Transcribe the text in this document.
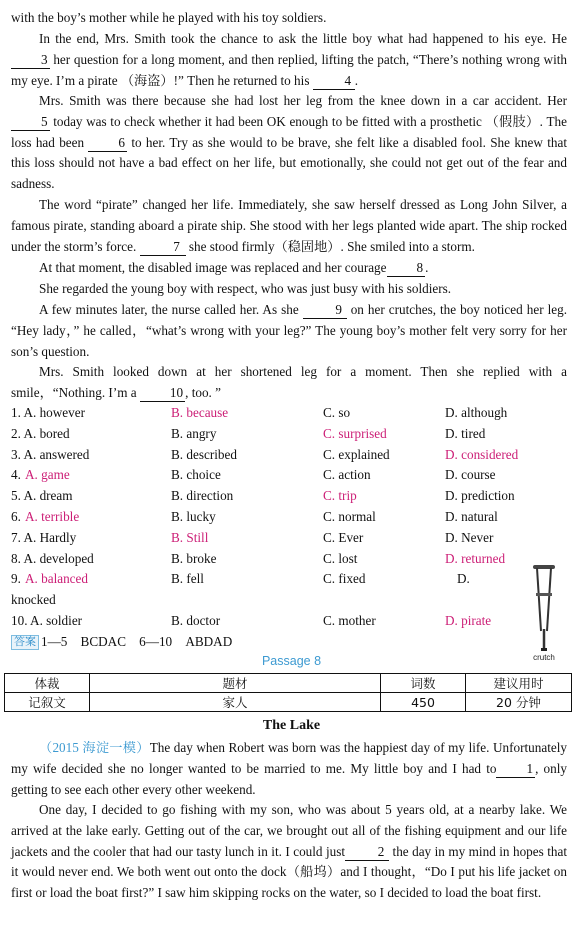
with the boy’s mother while he played with his toy soldiers.

In the end, Mrs. Smith took the chance to ask the little boy what had happened to his eye. He 3 her question for a long moment, and then replied, lifting the patch, “There’s nothing wrong with my eye. I’m a pirate （海盗）!” Then he returned to his 4 .

Mrs. Smith was there because she had lost her leg from the knee down in a car accident. Her 5 today was to check whether it had been OK enough to be fitted with a prosthetic （假肢）. The loss had been 6 to her. Try as she would to be brave, she felt like a disabled fool. She knew that this loss should not have a bad effect on her life, but emotionally, she could not get out of the fear and sadness.

The word “pirate” changed her life. Immediately, she saw herself dressed as Long John Silver, a famous pirate, standing aboard a pirate ship. She stood with her legs planted wide apart. The ship rocked under the storm’s force.	7 she stood firmly（稳固地）. She smiled into a storm.

At that moment, the disabled image was replaced and her courage 8 .

She regarded the young boy with respect, who was just busy with his soldiers.

A few minutes later, the nurse called her. As she 9 on her crutches, the boy noticed her leg. “Hey lady，” he called，“what’s wrong with your leg?” The young boy’s mother felt very sorry for her son’s question.

Mrs. Smith looked down at her shortened leg for a moment. Then she replied with a smile，“Nothing. I’m a 10 , too. ”

1. A. however	B. because	C. so	D. although
2. A. bored	B. angry	C. surprised	D. tired
3. A. answered	B. described	C. explained	D. considered
4. A. game	B. choice	C. action	D. course
5. A. dream	B. direction	C. trip	D. prediction
6. A. terrible	B. lucky	C. normal	D. natural
7. A. Hardly	B. Still	C. Ever	D. Never
8. A. developed	B. broke	C. lost	D. returned
9. A. balanced	B. fell	C. fixed	D.
knocked
10. A. soldier	B. doctor	C. mother	D. pirate
答案 1—5　BCDAC　6—10　ABDAD
crutch
Passage 8
体裁	题材	词数	建议用时
记叙文	家人	450	20 分钟
The Lake

（2015 海淀一模）The day when Robert was born was the happiest day of my life. Unfortunately my wife decided she no longer wanted to be married to me. My little boy and I had to 1 , only getting to see each other every other weekend.

One day, I decided to go fishing with my son, who was about 5 years old, at a nearby lake. We arrived at the lake early. Getting out of the car, we brought out all of the fishing equipment and our life jackets and the cooler that had our tasty lunch in it. I could just 2 the day in my mind in hopes that it would never end. We both went out onto the dock（船坞）and I thought，“Do I put his life jacket on first or load the boat first?” I saw him skipping rocks on the water, so I decided to load the boat first.
